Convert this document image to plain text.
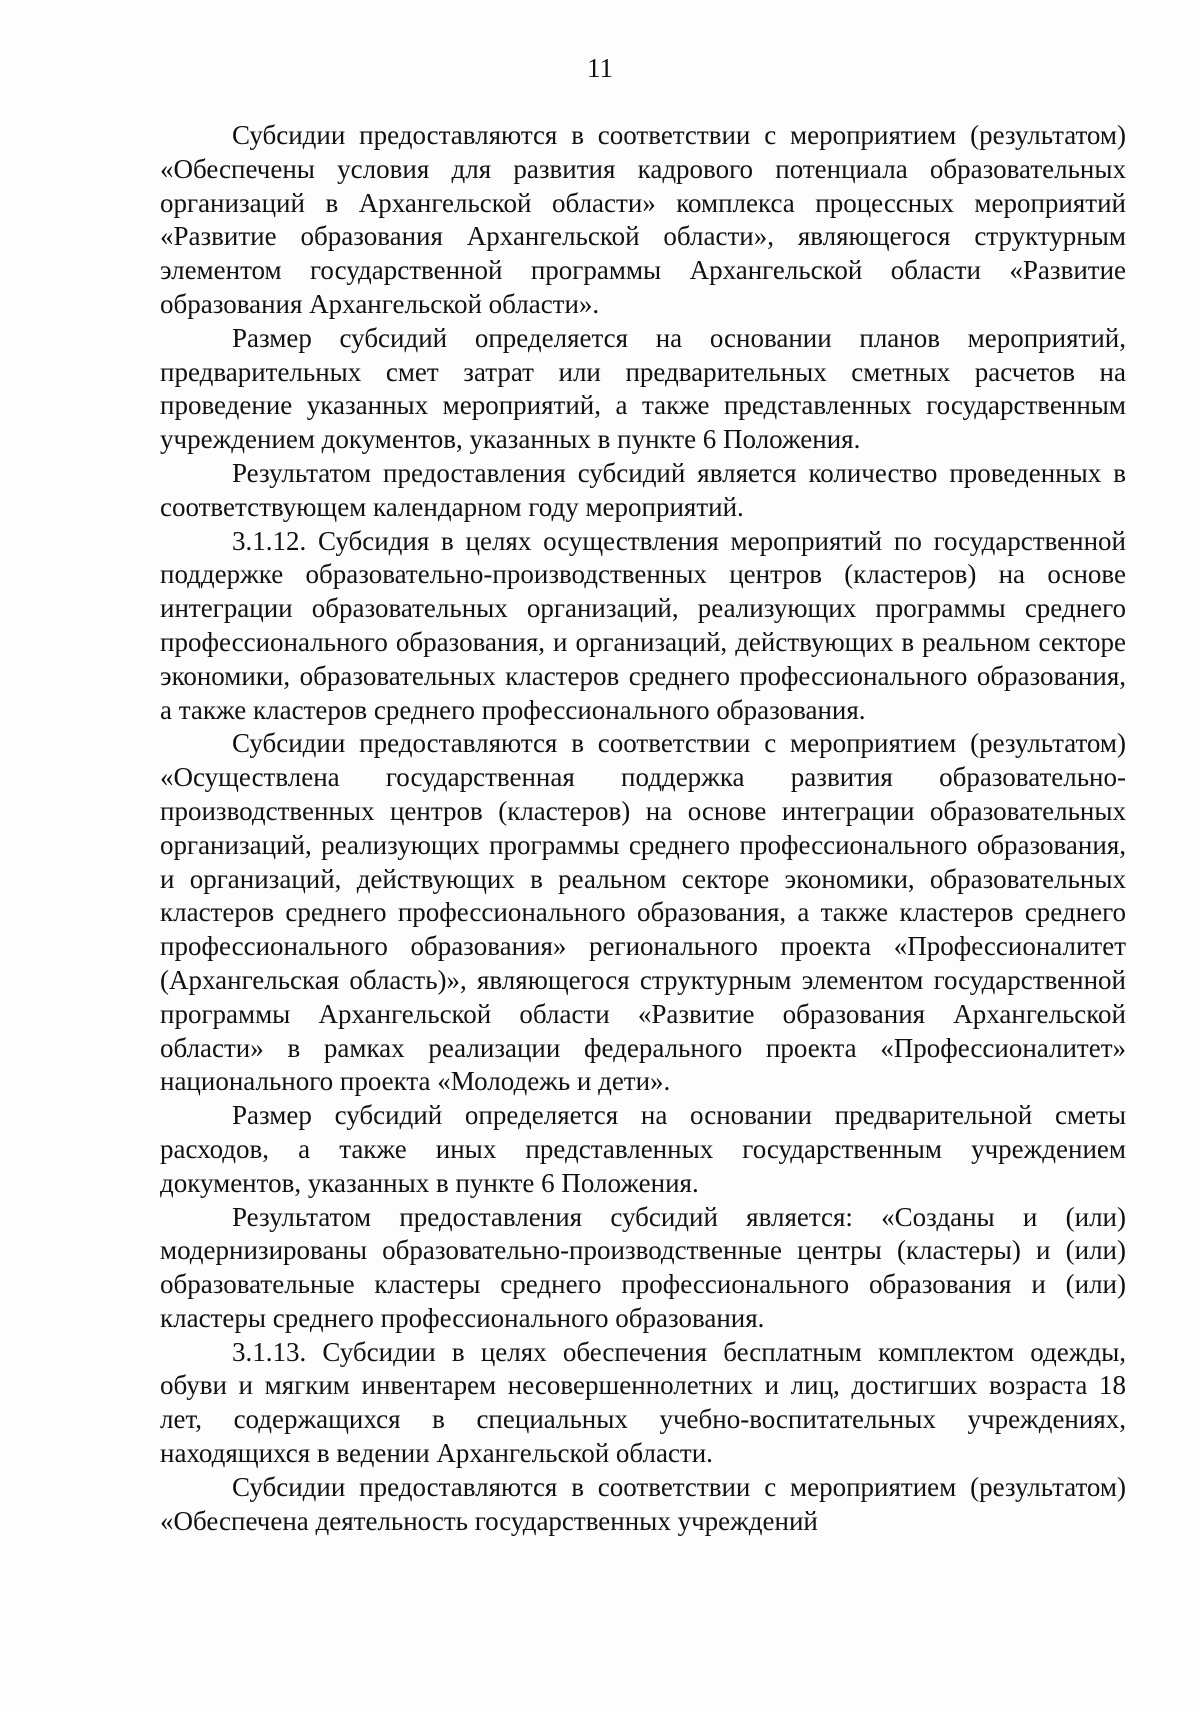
11

Субсидии предоставляются в соответствии с мероприятием (результатом) «Обеспечены условия для развития кадрового потенциала образовательных организаций в Архангельской области» комплекса процессных мероприятий «Развитие образования Архангельской области», являющегося структурным элементом государственной программы Архангельской области «Развитие образования Архангельской области».

Размер субсидий определяется на основании планов мероприятий, предварительных смет затрат или предварительных сметных расчетов на проведение указанных мероприятий, а также представленных государственным учреждением документов, указанных в пункте 6 Положения.

Результатом предоставления субсидий является количество проведенных в соответствующем календарном году мероприятий.

3.1.12. Субсидия в целях осуществления мероприятий по государственной поддержке образовательно-производственных центров (кластеров) на основе интеграции образовательных организаций, реализующих программы среднего профессионального образования, и организаций, действующих в реальном секторе экономики, образовательных кластеров среднего профессионального образования, а также кластеров среднего профессионального образования.

Субсидии предоставляются в соответствии с мероприятием (результатом) «Осуществлена государственная поддержка развития образовательно-производственных центров (кластеров) на основе интеграции образовательных организаций, реализующих программы среднего профессионального образования, и организаций, действующих в реальном секторе экономики, образовательных кластеров среднего профессионального образования, а также кластеров среднего профессионального образования» регионального проекта «Профессионалитет (Архангельская область)», являющегося структурным элементом государственной программы Архангельской области «Развитие образования Архангельской области» в рамках реализации федерального проекта «Профессионалитет» национального проекта «Молодежь и дети».

Размер субсидий определяется на основании предварительной сметы расходов, а также иных представленных государственным учреждением документов, указанных в пункте 6 Положения.

Результатом предоставления субсидий является: «Созданы и (или) модернизированы образовательно-производственные центры (кластеры) и (или) образовательные кластеры среднего профессионального образования и (или) кластеры среднего профессионального образования.

3.1.13. Субсидии в целях обеспечения бесплатным комплектом одежды, обуви и мягким инвентарем несовершеннолетних и лиц, достигших возраста 18 лет, содержащихся в специальных учебно-воспитательных учреждениях, находящихся в ведении Архангельской области.

Субсидии предоставляются в соответствии с мероприятием (результатом) «Обеспечена деятельность государственных учреждений
